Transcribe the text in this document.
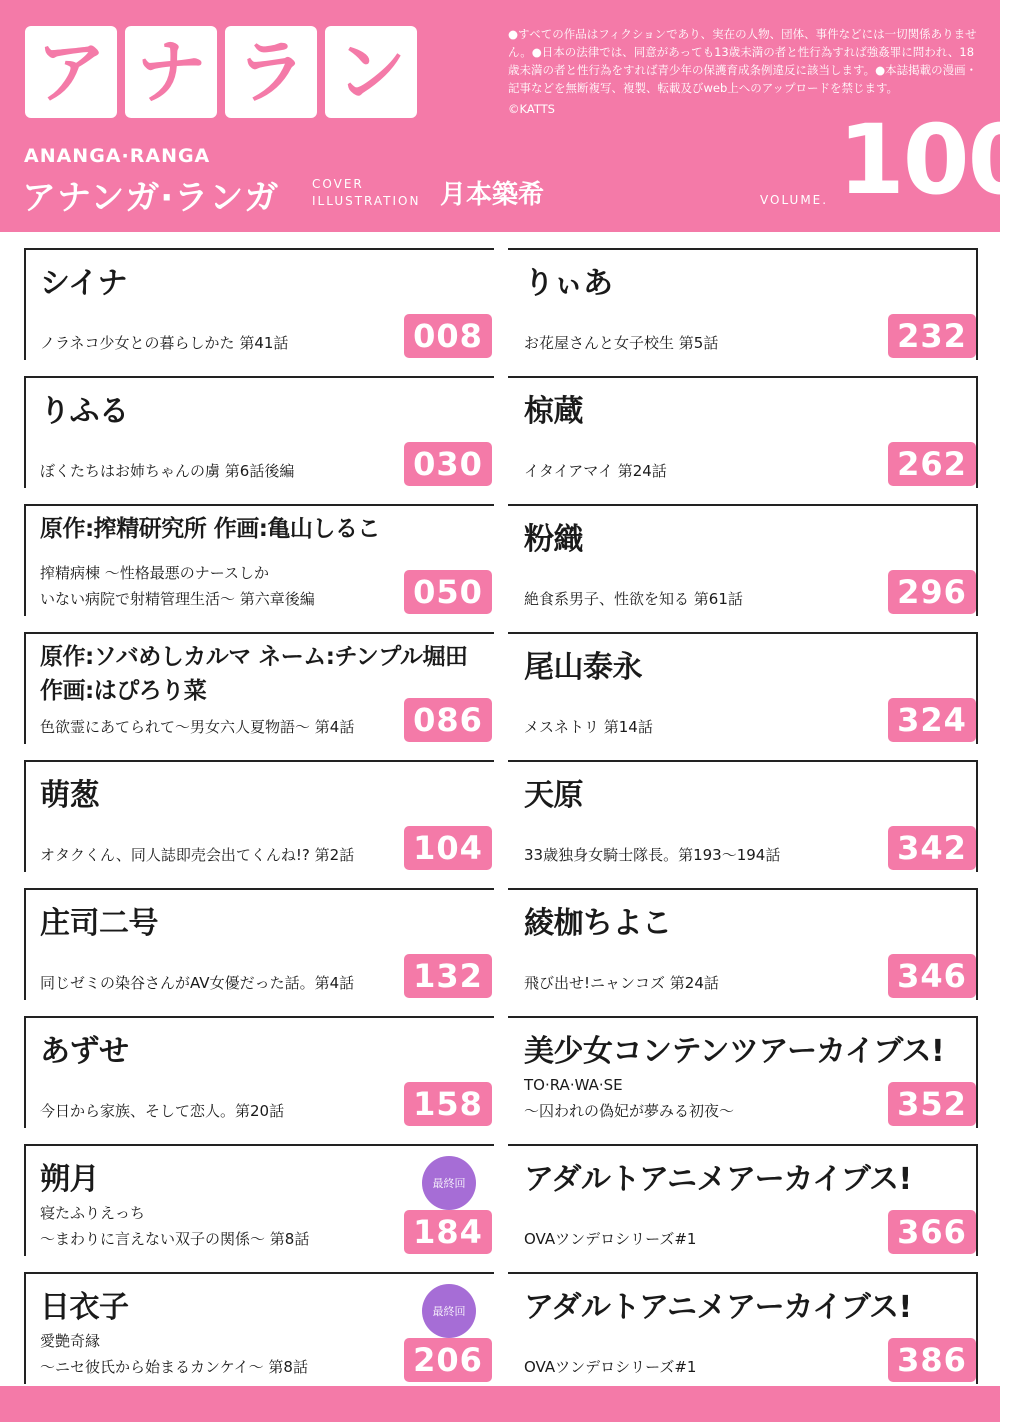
ア ナ ラ ン
ANANGA·RANGA
アナンガ·ランガ	COVER
ILLUSTRATION 月本築希
●すべての作品はフィクションであり、実在の人物、団体、事件などには一切関係ありません。●日本の法律では、同意があっても13歳未満の者と性行為すれば強姦罪に問われ、18歳未満の者と性行為をすれば青少年の保護育成条例違反に該当します。●本誌掲載の漫画・記事などを無断複写、複製、転載及びweb上へのアップロードを禁じます。
©KATTS
VOLUME. 100
シイナ
ノラネコ少女との暮らしかた 第41話	008
りふる
ぼくたちはお姉ちゃんの虜 第6話後編	030
原作:搾精研究所 作画:亀山しるこ
搾精病棟 ～性格最悪のナースしか
いない病院で射精管理生活～ 第六章後編	050
原作:ソバめしカルマ ネーム:チンプル堀田
作画:はぴろり菜
色欲霊にあてられて～男女六人夏物語～ 第4話 086
萌葱
オタクくん、同人誌即売会出てくんね!? 第2話 104
庄司二号
同じゼミの染谷さんがAV女優だった話。第4話 132
あずせ
今日から家族、そして恋人。第20話	158
朔月
寝たふりえっち
～まわりに言えない双子の関係～ 第8話
最終回
184
日衣子
愛艶奇縁
～ニセ彼氏から始まるカンケイ～ 第8話
最終回
206
りぃあ
お花屋さんと女子校生 第5話	232
椋蔵
イタイアマイ 第24話	262
粉織
絶食系男子、性欲を知る 第61話	296
尾山泰永
メスネトリ 第14話	324
天原
33歳独身女騎士隊長。第193～194話	342
綾枷ちよこ
飛び出せ!ニャンコズ 第24話	346
美少女コンテンツアーカイブス!
TO·RA·WA·SE
～囚われの偽妃が夢みる初夜～	352
アダルトアニメアーカイブス!
OVAツンデロシリーズ#1	366
アダルトアニメアーカイブス!
OVAツンデロシリーズ#1	386
